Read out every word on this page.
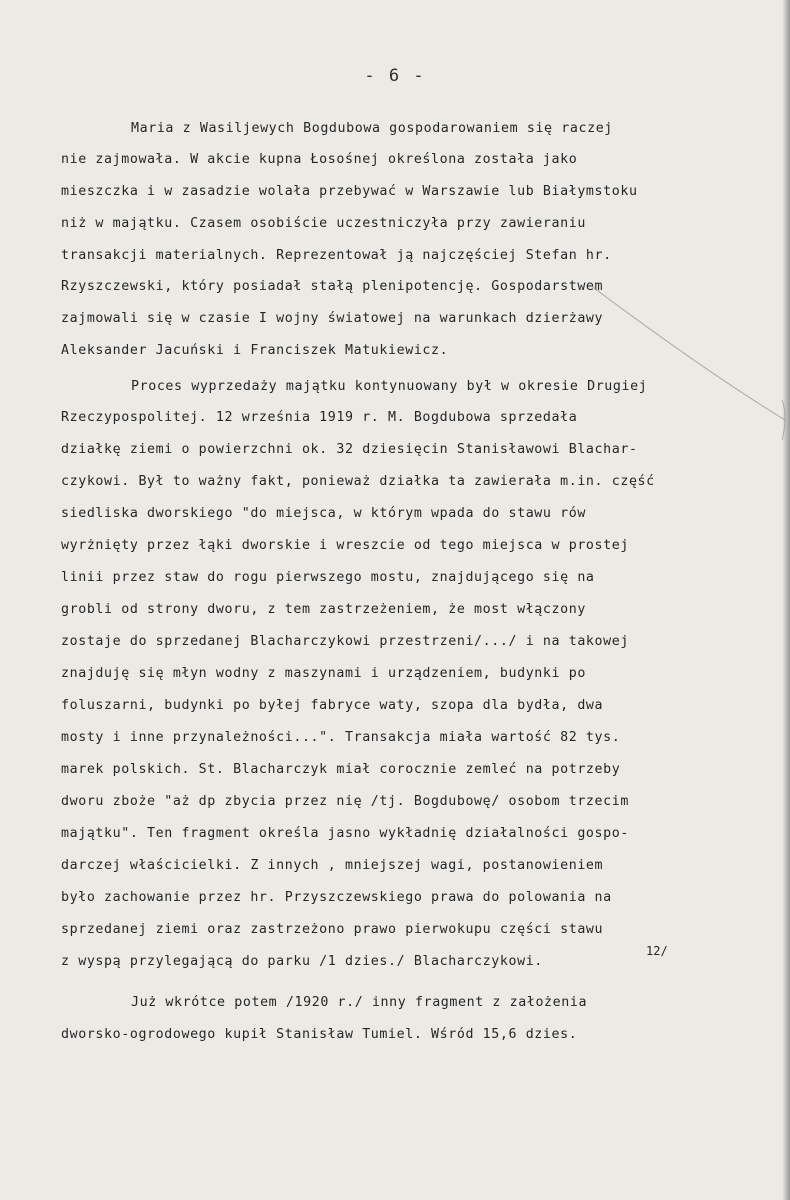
- 6 -
Maria z Wasiljewych Bogdubowa gospodarowaniem się raczej
nie zajmowała. W akcie kupna Łosośnej określona została jako
mieszczka i w zasadzie wolała przebywać w Warszawie lub Białymstoku
niż w majątku. Czasem osobiście uczestniczyła przy zawieraniu
transakcji materialnych. Reprezentował ją najczęściej Stefan hr.
Rzyszczewski, który posiadał stałą plenipotencję. Gospodarstwem
zajmowali się w czasie I wojny światowej na warunkach dzierżawy
Aleksander Jacuński i Franciszek Matukiewicz.
Proces wyprzedaży majątku kontynuowany był w okresie Drugiej
Rzeczypospolitej. 12 września 1919 r. M. Bogdubowa sprzedała
działkę ziemi o powierzchni ok. 32 dziesięcin Stanisławowi Blachar-
czykowi. Był to ważny fakt, ponieważ działka ta zawierała m.in. część
siedliska dworskiego "do miejsca, w którym wpada do stawu rów
wyrżnięty przez łąki dworskie i wreszcie od tego miejsca w prostej
linii przez staw do rogu pierwszego mostu, znajdującego się na
grobli od strony dworu, z tem zastrzeżeniem, że most włączony
zostaje do sprzedanej Blacharczykowi przestrzeni/.../ i na takowej
znajduję się młyn wodny z maszynami i urządzeniem, budynki po
foluszarni, budynki po byłej fabryce waty, szopa dla bydła, dwa
mosty i inne przynależności...". Transakcja miała wartość 82 tys.
marek polskich. St. Blacharczyk miał corocznie zemleć na potrzeby
dworu zboże "aż dp zbycia przez nię /tj. Bogdubowę/ osobom trzecim
majątku". Ten fragment określa jasno wykładnię działalności gospo-
darczej właścicielki. Z innych , mniejszej wagi, postanowieniem
było zachowanie przez hr. Przyszczewskiego prawa do polowania na
sprzedanej ziemi oraz zastrzeżono prawo pierwokupu części stawu
z wyspą przylegającą do parku /1 dzies./ Blacharczykowi.
12/
Już wkrótce potem /1920 r./ inny fragment z założenia
dworsko-ogrodowego kupił Stanisław Tumiel. Wśród 15,6 dzies.
